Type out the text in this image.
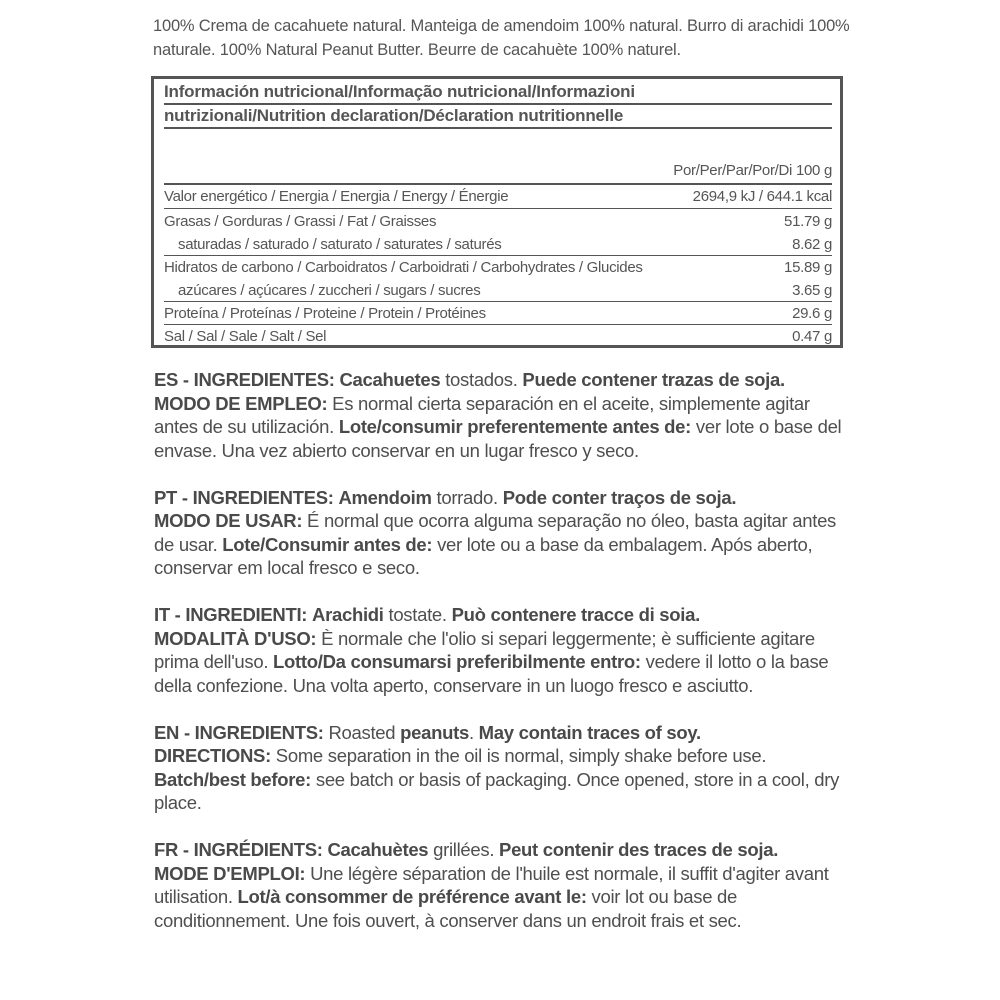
100% Crema de cacahuete natural. Manteiga de amendoim 100% natural. Burro di arachidi 100% naturale. 100% Natural Peanut Butter. Beurre de cacahuète 100% naturel.
Información nutricional/Informação nutricional/Informazioni
nutrizionali/Nutrition declaration/Déclaration nutritionnelle
Por/Per/Par/Por/Di 100 g
Valor energético / Energia / Energia / Energy / Énergie	2694,9 kJ / 644.1 kcal
Grasas / Gorduras / Grassi / Fat / Graisses	51.79 g
saturadas / saturado / saturato / saturates / saturés	8.62 g
Hidratos de carbono / Carboidratos / Carboidrati / Carbohydrates / Glucides	15.89 g
azúcares / açúcares / zuccheri / sugars / sucres	3.65 g
Proteína / Proteínas / Proteine / Protein / Protéines	29.6 g
Sal / Sal / Sale / Salt / Sel	0.47 g
ES - INGREDIENTES: Cacahuetes tostados. Puede contener trazas de soja.
MODO DE EMPLEO: Es normal cierta separación en el aceite, simplemente agitar antes de su utilización. Lote/consumir preferentemente antes de: ver lote o base del envase. Una vez abierto conservar en un lugar fresco y seco.
PT - INGREDIENTES: Amendoim torrado. Pode conter traços de soja.
MODO DE USAR: É normal que ocorra alguma separação no óleo, basta agitar antes de usar. Lote/Consumir antes de: ver lote ou a base da embalagem. Após aberto, conservar em local fresco e seco.
IT - INGREDIENTI: Arachidi tostate. Può contenere tracce di soia.
MODALITÀ D'USO: È normale che l'olio si separi leggermente; è sufficiente agitare prima dell'uso. Lotto/Da consumarsi preferibilmente entro: vedere il lotto o la base della confezione. Una volta aperto, conservare in un luogo fresco e asciutto.
EN - INGREDIENTS: Roasted peanuts. May contain traces of soy.
DIRECTIONS: Some separation in the oil is normal, simply shake before use.
Batch/best before: see batch or basis of packaging. Once opened, store in a cool, dry place.
FR - INGRÉDIENTS: Cacahuètes grillées. Peut contenir des traces de soja.
MODE D'EMPLOI: Une légère séparation de l'huile est normale, il suffit d'agiter avant utilisation. Lot/à consommer de préférence avant le: voir lot ou base de conditionnement. Une fois ouvert, à conserver dans un endroit frais et sec.
